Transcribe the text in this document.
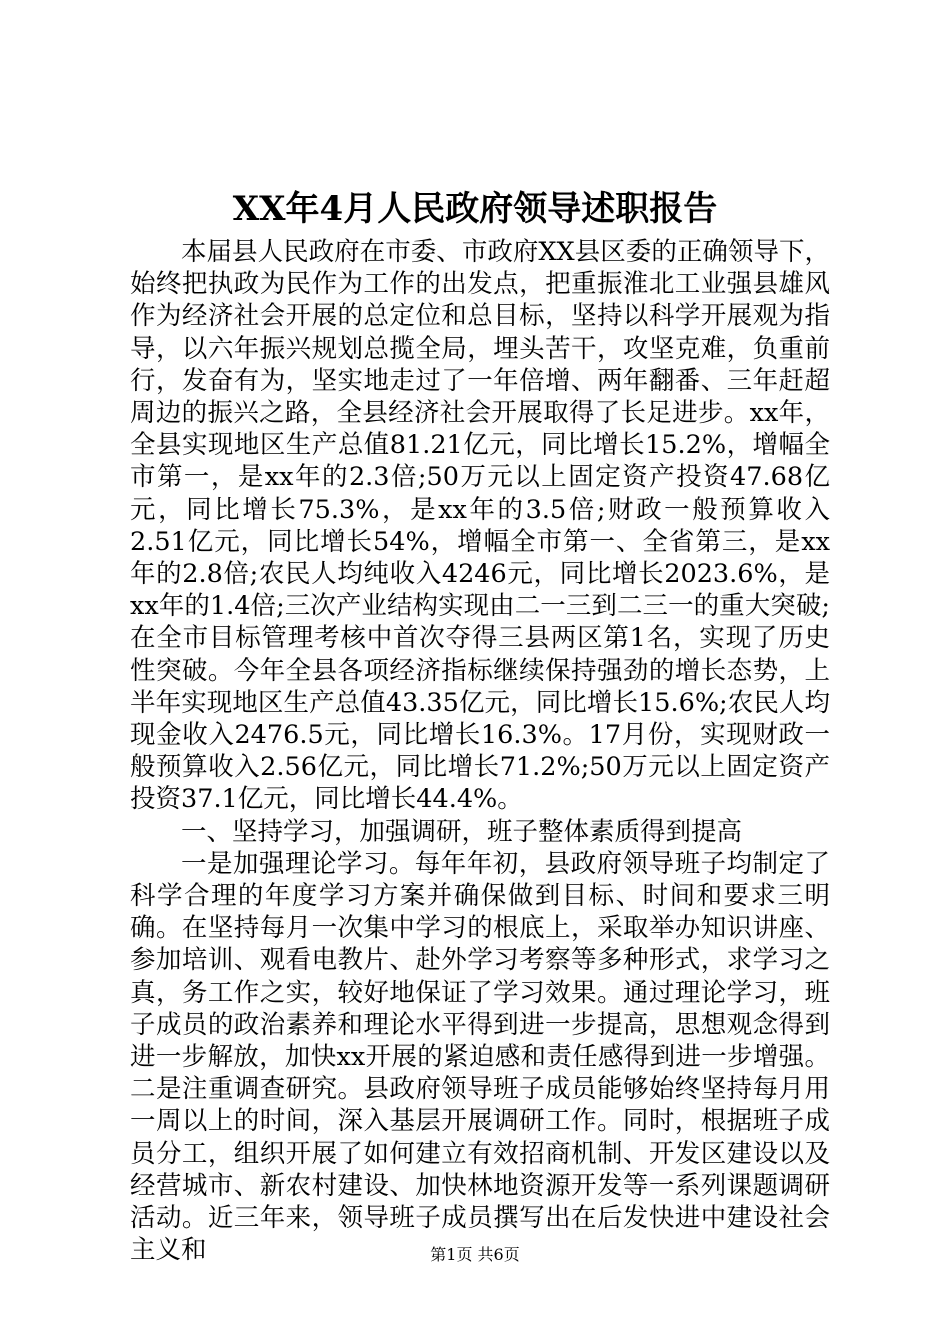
XX年4月人民政府领导述职报告

本届县人民政府在市委、市政府XX县区委的正确领导下，始终把执政为民作为工作的出发点，把重振淮北工业强县雄风作为经济社会开展的总定位和总目标，坚持以科学开展观为指导，以六年振兴规划总揽全局，埋头苦干，攻坚克难，负重前行，发奋有为，坚实地走过了一年倍增、两年翻番、三年赶超周边的振兴之路，全县经济社会开展取得了长足进步。xx年，全县实现地区生产总值81.21亿元，同比增长15.2%，增幅全市第一，是xx年的2.3倍;50万元以上固定资产投资47.68亿元，同比增长75.3%，是xx年的3.5倍;财政一般预算收入2.51亿元，同比增长54%，增幅全市第一、全省第三，是xx年的2.8倍;农民人均纯收入4246元，同比增长2023.6%，是xx年的1.4倍;三次产业结构实现由二一三到二三一的重大突破;在全市目标管理考核中首次夺得三县两区第1名，实现了历史性突破。今年全县各项经济指标继续保持强劲的增长态势，上半年实现地区生产总值43.35亿元，同比增长15.6%;农民人均现金收入2476.5元，同比增长16.3%。17月份，实现财政一般预算收入2.56亿元，同比增长71.2%;50万元以上固定资产投资37.1亿元，同比增长44.4%。

一、坚持学习，加强调研，班子整体素质得到提高

一是加强理论学习。每年年初，县政府领导班子均制定了科学合理的年度学习方案并确保做到目标、时间和要求三明确。在坚持每月一次集中学习的根底上，采取举办知识讲座、参加培训、观看电教片、赴外学习考察等多种形式，求学习之真，务工作之实，较好地保证了学习效果。通过理论学习，班子成员的政治素养和理论水平得到进一步提高，思想观念得到进一步解放，加快xx开展的紧迫感和责任感得到进一步增强。二是注重调查研究。县政府领导班子成员能够始终坚持每月用一周以上的时间，深入基层开展调研工作。同时，根据班子成员分工，组织开展了如何建立有效招商机制、开发区建设以及经营城市、新农村建设、加快林地资源开发等一系列课题调研活动。近三年来，领导班子成员撰写出在后发快进中建设社会主义和	第1页 共6页
